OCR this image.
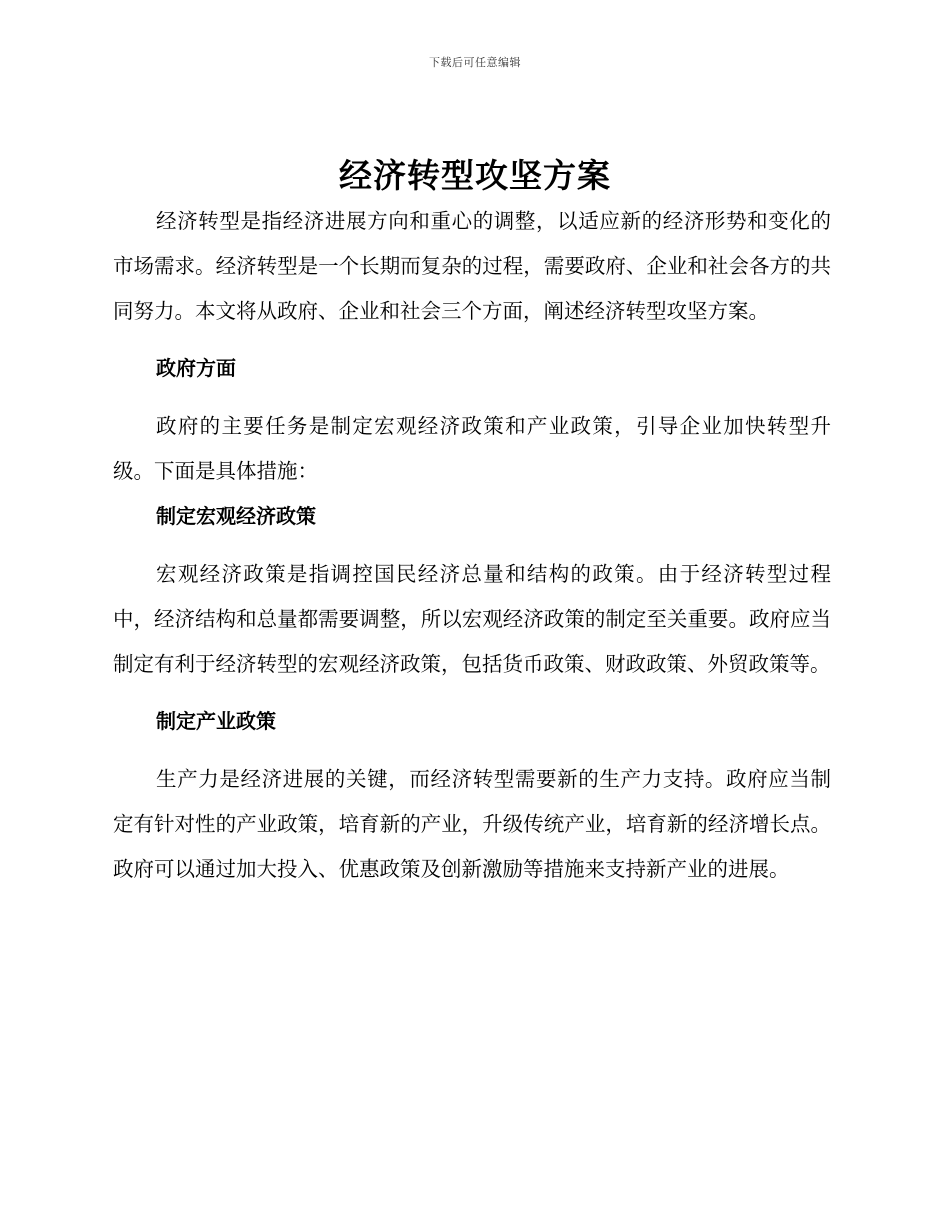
下载后可任意编辑
经济转型攻坚方案

经济转型是指经济进展方向和重心的调整，以适应新的经济形势和变化的市场需求。经济转型是一个长期而复杂的过程，需要政府、企业和社会各方的共同努力。本文将从政府、企业和社会三个方面，阐述经济转型攻坚方案。

政府方面

政府的主要任务是制定宏观经济政策和产业政策，引导企业加快转型升级。下面是具体措施：

制定宏观经济政策

宏观经济政策是指调控国民经济总量和结构的政策。由于经济转型过程中，经济结构和总量都需要调整，所以宏观经济政策的制定至关重要。政府应当制定有利于经济转型的宏观经济政策，包括货币政策、财政政策、外贸政策等。

制定产业政策

生产力是经济进展的关键，而经济转型需要新的生产力支持。政府应当制定有针对性的产业政策，培育新的产业，升级传统产业，培育新的经济增长点。政府可以通过加大投入、优惠政策及创新激励等措施来支持新产业的进展。
